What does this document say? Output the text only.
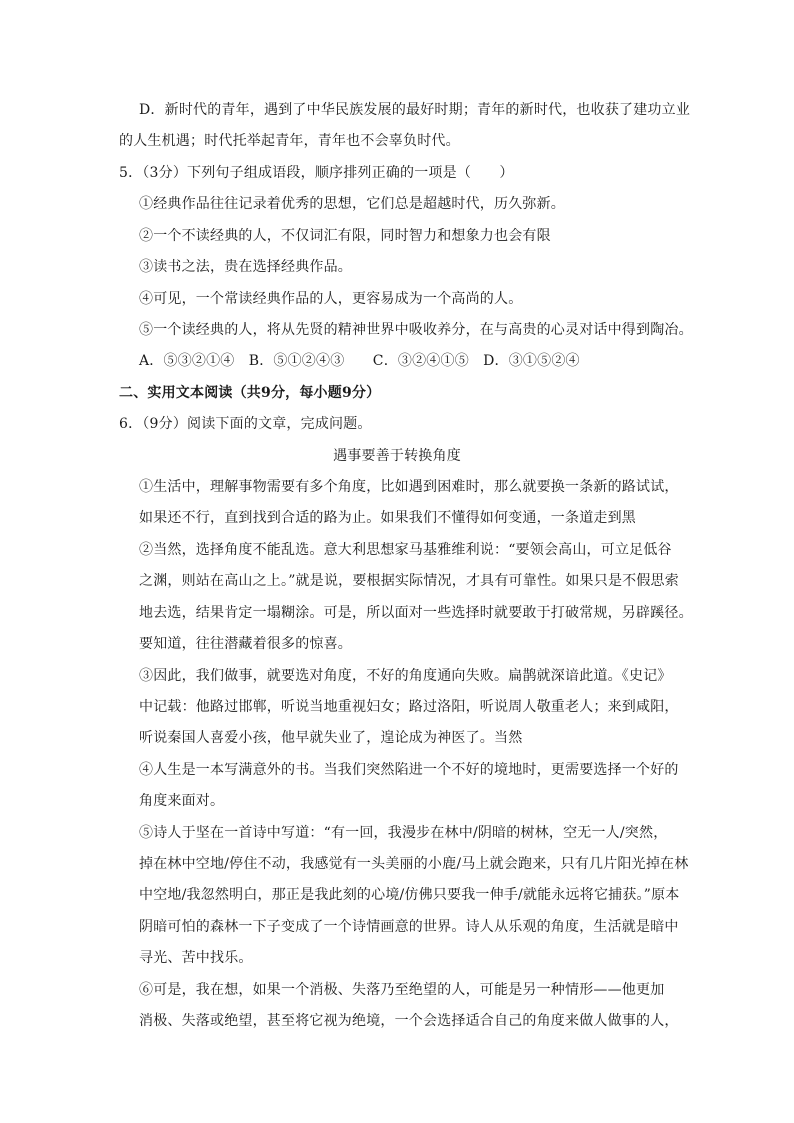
D．新时代的青年，遇到了中华民族发展的最好时期；青年的新时代，也收获了建功立业
的人生机遇；时代托举起青年，青年也不会辜负时代。
5．（3分）下列句子组成语段，顺序排列正确的一项是（　　）
①经典作品往往记录着优秀的思想，它们总是超越时代，历久弥新。
②一个不读经典的人，不仅词汇有限，同时智力和想象力也会有限
③读书之法，贵在选择经典作品。
④可见，一个常读经典作品的人，更容易成为一个高尚的人。
⑤一个读经典的人，将从先贤的精神世界中吸收养分，在与高贵的心灵对话中得到陶冶。
A．⑤③②①④　B．⑤①②④③　　C．③②④①⑤　D．③①⑤②④
二、实用文本阅读（共9分，每小题9分）
6．（9分）阅读下面的文章，完成问题。
遇事要善于转换角度
①生活中，理解事物需要有多个角度，比如遇到困难时，那么就要换一条新的路试试，
如果还不行，直到找到合适的路为止。如果我们不懂得如何变通，一条道走到黑
②当然，选择角度不能乱选。意大利思想家马基雅维利说：“要领会高山，可立足低谷
之渊，则站在高山之上。”就是说，要根据实际情况，才具有可靠性。如果只是不假思索
地去选，结果肯定一塌糊涂。可是，所以面对一些选择时就要敢于打破常规，另辟蹊径。
要知道，往往潜藏着很多的惊喜。
③因此，我们做事，就要选对角度，不好的角度通向失败。扁鹊就深谙此道。《史记》
中记载：他路过邯郸，听说当地重视妇女；路过洛阳，听说周人敬重老人；来到咸阳，
听说秦国人喜爱小孩，他早就失业了，遑论成为神医了。当然
④人生是一本写满意外的书。当我们突然陷进一个不好的境地时，更需要选择一个好的
角度来面对。
⑤诗人于坚在一首诗中写道：“有一回，我漫步在林中/阴暗的树林，空无一人/突然，
掉在林中空地/停住不动，我感觉有一头美丽的小鹿/马上就会跑来，只有几片阳光掉在林
中空地/我忽然明白，那正是我此刻的心境/仿佛只要我一伸手/就能永远将它捕获。”原本
阴暗可怕的森林一下子变成了一个诗情画意的世界。诗人从乐观的角度，生活就是暗中
寻光、苦中找乐。
⑥可是，我在想，如果一个消极、失落乃至绝望的人，可能是另一种情形——他更加
消极、失落或绝望，甚至将它视为绝境，一个会选择适合自己的角度来做人做事的人，
